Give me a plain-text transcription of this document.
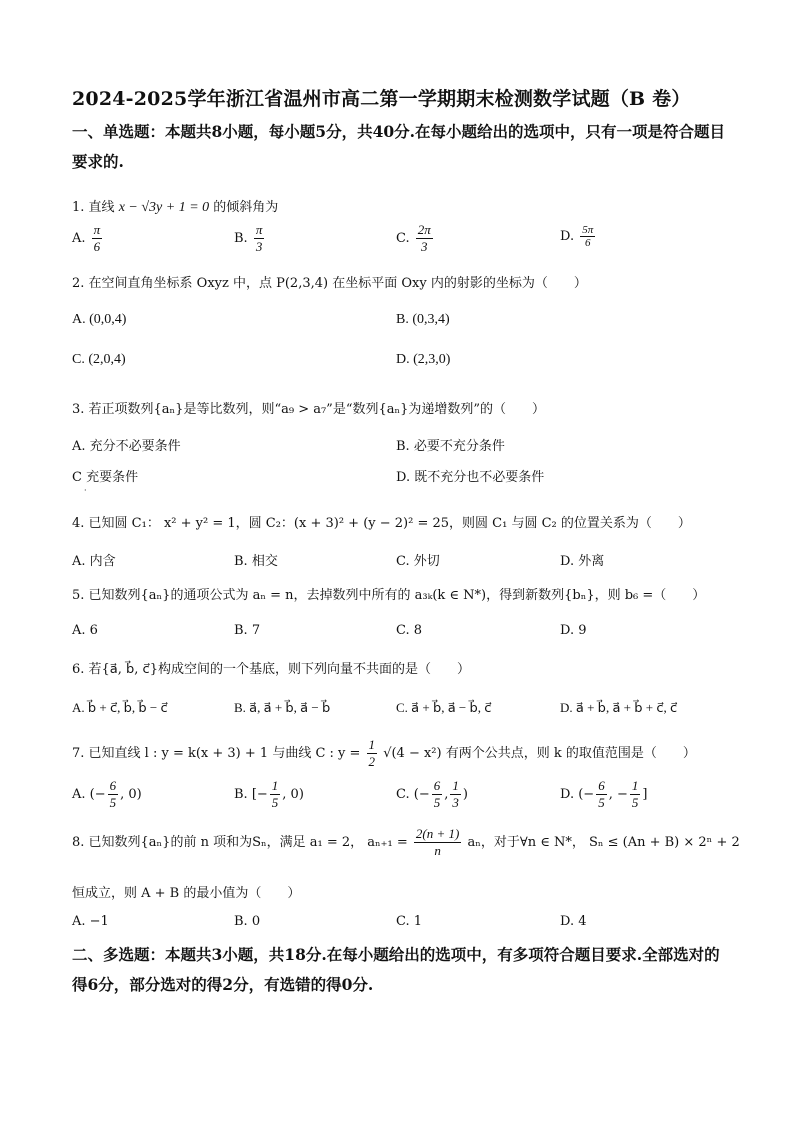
2024-2025学年浙江省温州市高二第一学期期末检测数学试题（B 卷）
一、单选题：本题共8小题，每小题5分，共40分.在每小题给出的选项中，只有一项是符合题目要求的.
1. 直线 x − √3y + 1 = 0 的倾斜角为
A. $\frac{\pi}{6}$	B. $\frac{\pi}{3}$	C. $\frac{2\pi}{3}$	D. $\frac{5\pi}{6}$
2. 在空间直角坐标系 Oxyz 中，点 P(2,3,4) 在坐标平面 Oxy 内的射影的坐标为（　　）
A. (0,0,4)	B. (0,3,4)
C. (2,0,4)	D. (2,3,0)
3. 若正项数列{aₙ}是等比数列，则“a₉ > a₇”是“数列{aₙ}为递增数列”的（　　）
A. 充分不必要条件	B. 必要不充分条件
C 充要条件	D. 既不充分也不必要条件
·
4. 已知圆 C₁： x² + y² = 1，圆 C₂：(x + 3)² + (y − 2)² = 25，则圆 C₁ 与圆 C₂ 的位置关系为（　　）
A. 内含	B. 相交	C. 外切	D. 外离
5. 已知数列{aₙ}的通项公式为 aₙ = n，去掉数列中所有的 a₃ₖ(k ∈ N*)，得到新数列{bₙ}，则 b₆ =（　　）
A. 6	B. 7	C. 8	D. 9
6. 若{a⃗, b⃗, c⃗}构成空间的一个基底，则下列向量不共面的是（　　）
A. b⃗ + c⃗, b⃗, b⃗ − c⃗	B. a⃗, a⃗ + b⃗, a⃗ − b⃗	C. a⃗ + b⃗, a⃗ − b⃗, c⃗	D. a⃗ + b⃗, a⃗ + b⃗ + c⃗, c⃗
7. 已知直线 l : y = k(x + 3) + 1 与曲线 C : $y = \frac{1}{2} √(4 - x^2)$ 有两个公共点，则 k 的取值范围是（　　）
A. (− $\frac{6}{5}$ , 0)	B. [− $\frac{1}{5}$ , 0)	C. (− $\frac{6}{5}$ , $\frac{1}{3}$ )	D. (− $\frac{6}{5}$ , − $\frac{1}{5}$ ]
8. 已知数列{aₙ}的前 n 项和为Sₙ，满足 a₁ = 2， $a_{n+1} = \frac{2(n + 1)}{n}$ aₙ，对于∀n ∈ N*， Sₙ ≤ (An + B) × 2ⁿ + 2
恒成立，则 A + B 的最小值为（　　）
A. −1	B. 0	C. 1	D. 4
二、多选题：本题共3小题，共18分.在每小题给出的选项中，有多项符合题目要求.全部选对的得6分，部分选对的得2分，有选错的得0分.
